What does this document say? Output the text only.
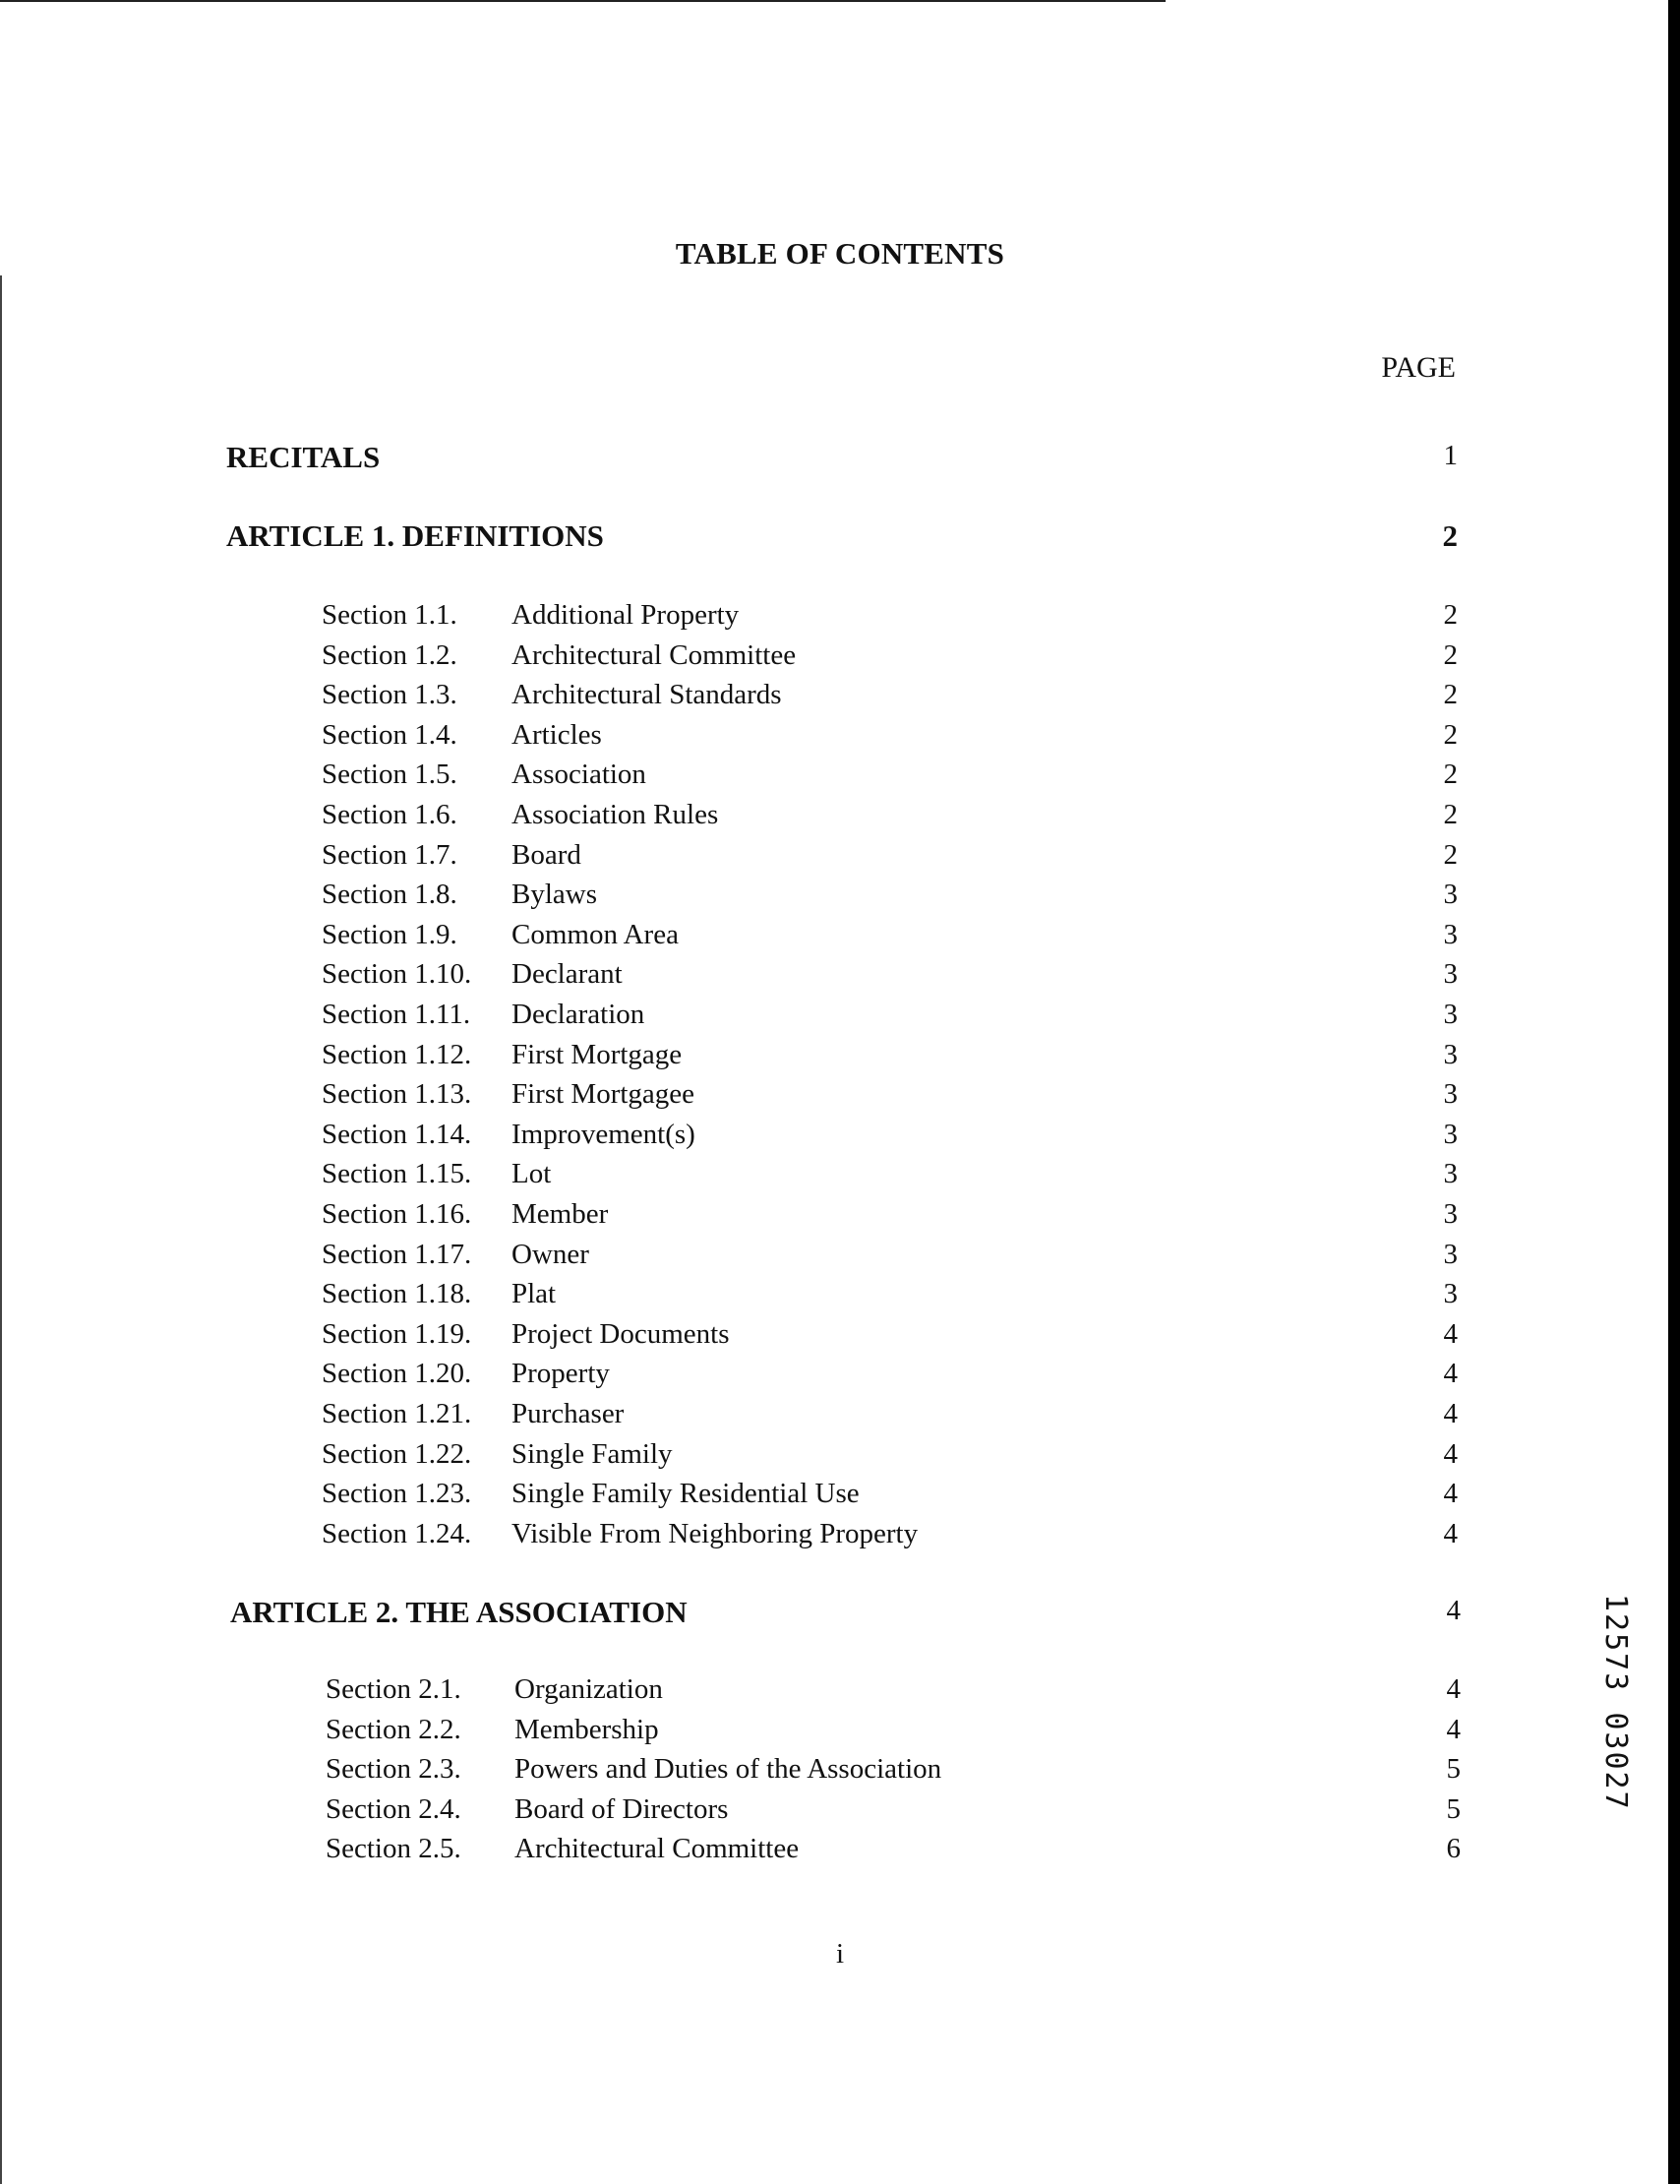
TABLE OF CONTENTS
PAGE
RECITALS	1
ARTICLE 1. DEFINITIONS	2
Section 1.1. Additional Property	2
Section 1.2. Architectural Committee	2
Section 1.3. Architectural Standards	2
Section 1.4. Articles	2
Section 1.5. Association	2
Section 1.6. Association Rules	2
Section 1.7. Board	2
Section 1.8. Bylaws	3
Section 1.9. Common Area	3
Section 1.10. Declarant	3
Section 1.11. Declaration	3
Section 1.12. First Mortgage	3
Section 1.13. First Mortgagee	3
Section 1.14. Improvement(s)	3
Section 1.15. Lot	3
Section 1.16. Member	3
Section 1.17. Owner	3
Section 1.18. Plat	3
Section 1.19. Project Documents	4
Section 1.20. Property	4
Section 1.21. Purchaser	4
Section 1.22. Single Family	4
Section 1.23. Single Family Residential Use	4
Section 1.24. Visible From Neighboring Property	4
ARTICLE 2. THE ASSOCIATION	4
Section 2.1. Organization	4
Section 2.2. Membership	4
Section 2.3. Powers and Duties of the Association	5
Section 2.4. Board of Directors	5
Section 2.5. Architectural Committee	6
i
12573 03027
